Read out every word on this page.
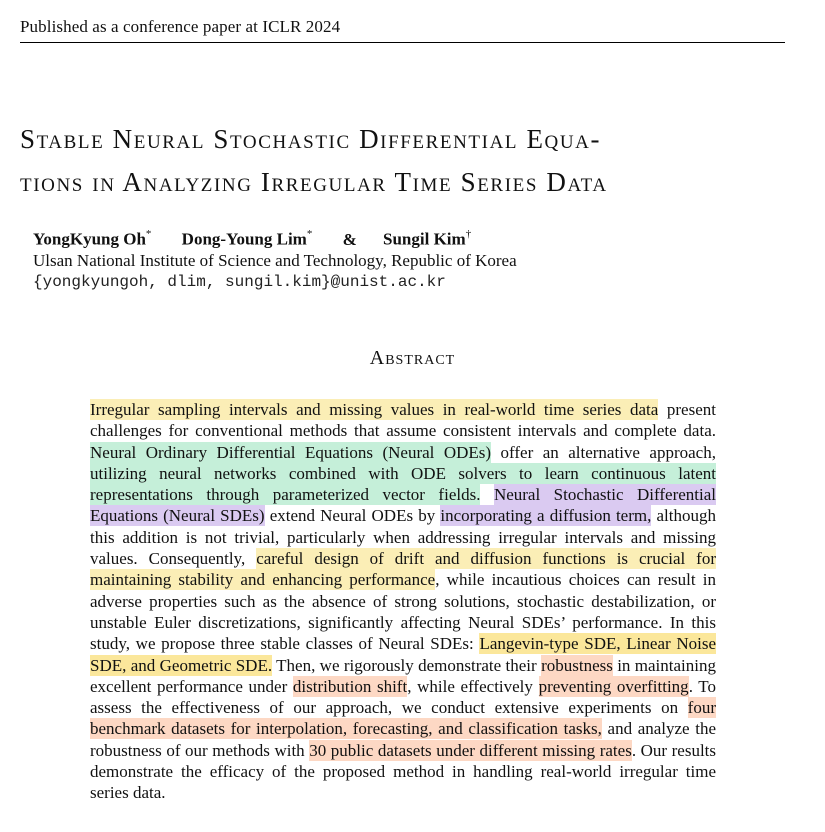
Published as a conference paper at ICLR 2024
Stable Neural Stochastic Differential Equa-
tions in Analyzing Irregular Time Series Data
YongKyung Oh* Dong-Young Lim* & Sungil Kim†
Ulsan National Institute of Science and Technology, Republic of Korea
{yongkyungoh, dlim, sungil.kim}@unist.ac.kr
Abstract
Irregular sampling intervals and missing values in real-world time series data present challenges for conventional methods that assume consistent intervals and complete data. Neural Ordinary Differential Equations (Neural ODEs) offer an alternative approach, utilizing neural networks combined with ODE solvers to learn continuous latent representations through parameterized vector fields. Neural Stochastic Differential Equations (Neural SDEs) extend Neural ODEs by incorporating a diffusion term, although this addition is not trivial, particularly when addressing irregular intervals and missing values. Consequently, careful design of drift and diffusion functions is crucial for maintaining stability and enhancing performance, while incautious choices can result in adverse properties such as the absence of strong solutions, stochastic destabilization, or unstable Euler discretizations, significantly affecting Neural SDEs’ performance. In this study, we propose three stable classes of Neural SDEs: Langevin-type SDE, Linear Noise SDE, and Geometric SDE. Then, we rigorously demonstrate their robustness in maintaining excellent performance under distribution shift, while effectively preventing overfitting. To assess the effectiveness of our approach, we conduct extensive experiments on four benchmark datasets for interpolation, forecasting, and classification tasks, and analyze the robustness of our methods with 30 public datasets under different missing rates. Our results demonstrate the efficacy of the proposed method in handling real-world irregular time series data.
